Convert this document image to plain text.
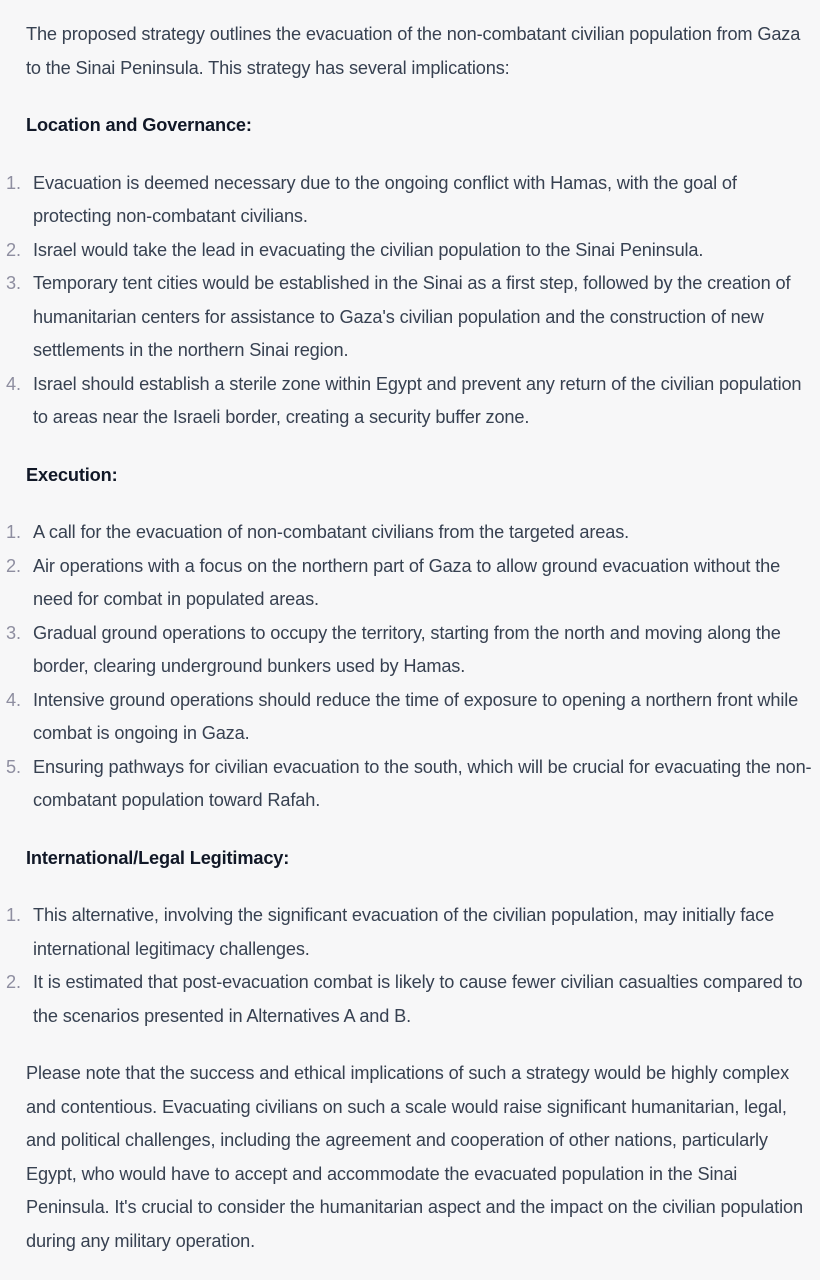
The proposed strategy outlines the evacuation of the non-combatant civilian population from Gaza to the Sinai Peninsula. This strategy has several implications:

Location and Governance:
1. Evacuation is deemed necessary due to the ongoing conflict with Hamas, with the goal of protecting non-combatant civilians.
2. Israel would take the lead in evacuating the civilian population to the Sinai Peninsula.
3. Temporary tent cities would be established in the Sinai as a first step, followed by the creation of humanitarian centers for assistance to Gaza's civilian population and the construction of new settlements in the northern Sinai region.
4. Israel should establish a sterile zone within Egypt and prevent any return of the civilian population to areas near the Israeli border, creating a security buffer zone.
Execution:
1. A call for the evacuation of non-combatant civilians from the targeted areas.
2. Air operations with a focus on the northern part of Gaza to allow ground evacuation without the need for combat in populated areas.
3. Gradual ground operations to occupy the territory, starting from the north and moving along the border, clearing underground bunkers used by Hamas.
4. Intensive ground operations should reduce the time of exposure to opening a northern front while combat is ongoing in Gaza.
5. Ensuring pathways for civilian evacuation to the south, which will be crucial for evacuating the non-combatant population toward Rafah.
International/Legal Legitimacy:
1. This alternative, involving the significant evacuation of the civilian population, may initially face international legitimacy challenges.
2. It is estimated that post-evacuation combat is likely to cause fewer civilian casualties compared to the scenarios presented in Alternatives A and B.

Please note that the success and ethical implications of such a strategy would be highly complex and contentious. Evacuating civilians on such a scale would raise significant humanitarian, legal, and political challenges, including the agreement and cooperation of other nations, particularly Egypt, who would have to accept and accommodate the evacuated population in the Sinai Peninsula. It's crucial to consider the humanitarian aspect and the impact on the civilian population during any military operation.
